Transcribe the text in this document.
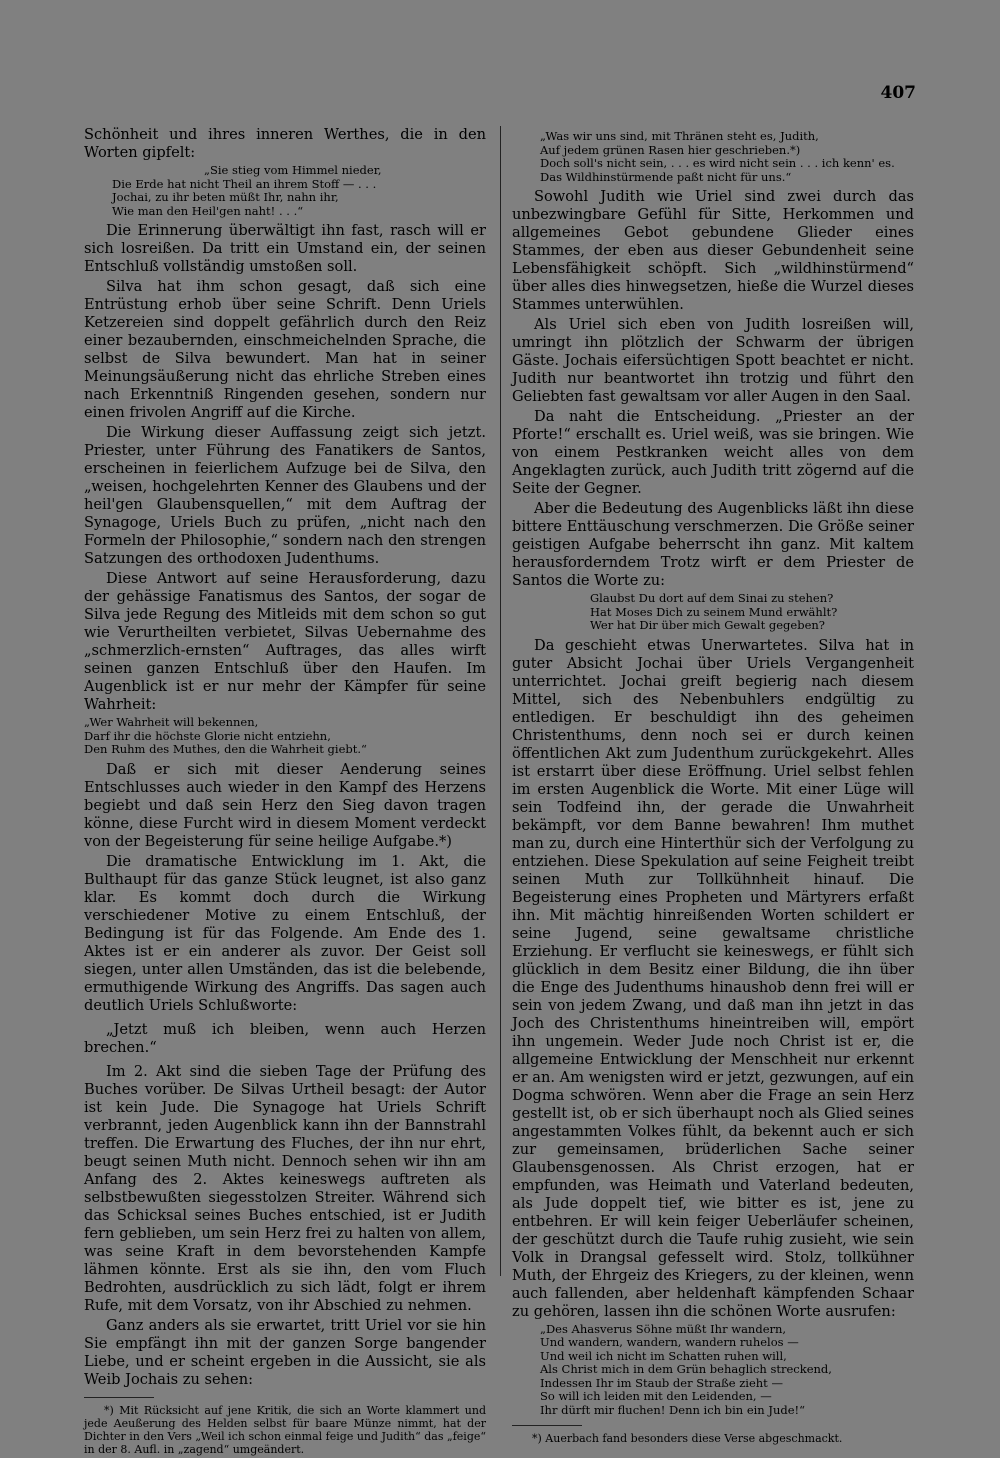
407

Schönheit und ihres inneren Werthes, die in den Worten gipfelt:

„Sie stieg vom Himmel nieder,
Die Erde hat nicht Theil an ihrem Stoff — . . .
Jochai, zu ihr beten müßt Ihr, nahn ihr,
Wie man den Heil'gen naht! . . .“

Die Erinnerung überwältigt ihn fast, rasch will er sich losreißen. Da tritt ein Umstand ein, der seinen Entschluß vollständig umstoßen soll.

Silva hat ihm schon gesagt, daß sich eine Entrüstung erhob über seine Schrift. Denn Uriels Ketzereien sind doppelt gefährlich durch den Reiz einer bezaubernden, einschmeichelnden Sprache, die selbst de Silva bewundert. Man hat in seiner Meinungsäußerung nicht das ehrliche Streben eines nach Erkenntniß Ringenden gesehen, sondern nur einen frivolen Angriff auf die Kirche.

Die Wirkung dieser Auffassung zeigt sich jetzt. Priester, unter Führung des Fanatikers de Santos, erscheinen in feierlichem Aufzuge bei de Silva, den „weisen, hochgelehrten Kenner des Glaubens und der heil'gen Glaubensquellen,“ mit dem Auftrag der Synagoge, Uriels Buch zu prüfen, „nicht nach den Formeln der Philosophie,“ sondern nach den strengen Satzungen des orthodoxen Judenthums.

Diese Antwort auf seine Herausforderung, dazu der gehässige Fanatismus des Santos, der sogar de Silva jede Regung des Mitleids mit dem schon so gut wie Verurtheilten verbietet, Silvas Uebernahme des „schmerzlich-ernsten“ Auftrages, das alles wirft seinen ganzen Entschluß über den Haufen. Im Augenblick ist er nur mehr der Kämpfer für seine Wahrheit:

„Wer Wahrheit will bekennen,
Darf ihr die höchste Glorie nicht entziehn,
Den Ruhm des Muthes, den die Wahrheit giebt.“

Daß er sich mit dieser Aenderung seines Entschlusses auch wieder in den Kampf des Herzens begiebt und daß sein Herz den Sieg davon tragen könne, diese Furcht wird in diesem Moment verdeckt von der Begeisterung für seine heilige Aufgabe.*)

Die dramatische Entwicklung im 1. Akt, die Bulthaupt für das ganze Stück leugnet, ist also ganz klar. Es kommt doch durch die Wirkung verschiedener Motive zu einem Entschluß, der Bedingung ist für das Folgende. Am Ende des 1. Aktes ist er ein anderer als zuvor. Der Geist soll siegen, unter allen Umständen, das ist die belebende, ermuthigende Wirkung des Angriffs. Das sagen auch deutlich Uriels Schlußworte:

„Jetzt muß ich bleiben, wenn auch Herzen brechen.“

Im 2. Akt sind die sieben Tage der Prüfung des Buches vorüber. De Silvas Urtheil besagt: der Autor ist kein Jude. Die Synagoge hat Uriels Schrift verbrannt, jeden Augenblick kann ihn der Bannstrahl treffen. Die Erwartung des Fluches, der ihn nur ehrt, beugt seinen Muth nicht. Dennoch sehen wir ihn am Anfang des 2. Aktes keineswegs auftreten als selbstbewußten siegesstolzen Streiter. Während sich das Schicksal seines Buches entschied, ist er Judith fern geblieben, um sein Herz frei zu halten von allem, was seine Kraft in dem bevorstehenden Kampfe lähmen könnte. Erst als sie ihn, den vom Fluch Bedrohten, ausdrücklich zu sich lädt, folgt er ihrem Rufe, mit dem Vorsatz, von ihr Abschied zu nehmen.

Ganz anders als sie erwartet, tritt Uriel vor sie hin Sie empfängt ihn mit der ganzen Sorge bangender Liebe, und er scheint ergeben in die Aussicht, sie als Weib Jochais zu sehen:

*) Mit Rücksicht auf jene Kritik, die sich an Worte klammert und jede Aeußerung des Helden selbst für baare Münze nimmt, hat der Dichter in den Vers „Weil ich schon einmal feige und Judith“ das „feige“ in der 8. Aufl. in „zagend“ umgeändert.

„Was wir uns sind, mit Thränen steht es, Judith,
Auf jedem grünen Rasen hier geschrieben.*)
Doch soll's nicht sein, . . . es wird nicht sein . . . ich kenn' es.
Das Wildhinstürmende paßt nicht für uns.“

Sowohl Judith wie Uriel sind zwei durch das unbezwingbare Gefühl für Sitte, Herkommen und allgemeines Gebot gebundene Glieder eines Stammes, der eben aus dieser Gebundenheit seine Lebensfähigkeit schöpft. Sich „wildhinstürmend“ über alles dies hinwegsetzen, hieße die Wurzel dieses Stammes unterwühlen.

Als Uriel sich eben von Judith losreißen will, umringt ihn plötzlich der Schwarm der übrigen Gäste. Jochais eifersüchtigen Spott beachtet er nicht. Judith nur beantwortet ihn trotzig und führt den Geliebten fast gewaltsam vor aller Augen in den Saal.

Da naht die Entscheidung. „Priester an der Pforte!“ erschallt es. Uriel weiß, was sie bringen. Wie von einem Pestkranken weicht alles von dem Angeklagten zurück, auch Judith tritt zögernd auf die Seite der Gegner.

Aber die Bedeutung des Augenblicks läßt ihn diese bittere Enttäuschung verschmerzen. Die Größe seiner geistigen Aufgabe beherrscht ihn ganz. Mit kaltem herausforderndem Trotz wirft er dem Priester de Santos die Worte zu:

Glaubst Du dort auf dem Sinai zu stehen?
Hat Moses Dich zu seinem Mund erwählt?
Wer hat Dir über mich Gewalt gegeben?

Da geschieht etwas Unerwartetes. Silva hat in guter Absicht Jochai über Uriels Vergangenheit unterrichtet. Jochai greift begierig nach diesem Mittel, sich des Nebenbuhlers endgültig zu entledigen. Er beschuldigt ihn des geheimen Christenthums, denn noch sei er durch keinen öffentlichen Akt zum Judenthum zurückgekehrt. Alles ist erstarrt über diese Eröffnung. Uriel selbst fehlen im ersten Augenblick die Worte. Mit einer Lüge will sein Todfeind ihn, der gerade die Unwahrheit bekämpft, vor dem Banne bewahren! Ihm muthet man zu, durch eine Hinterthür sich der Verfolgung zu entziehen. Diese Spekulation auf seine Feigheit treibt seinen Muth zur Tollkühnheit hinauf. Die Begeisterung eines Propheten und Märtyrers erfaßt ihn. Mit mächtig hinreißenden Worten schildert er seine Jugend, seine gewaltsame christliche Erziehung. Er verflucht sie keineswegs, er fühlt sich glücklich in dem Besitz einer Bildung, die ihn über die Enge des Judenthums hinaushob denn frei will er sein von jedem Zwang, und daß man ihn jetzt in das Joch des Christenthums hineintreiben will, empört ihn ungemein. Weder Jude noch Christ ist er, die allgemeine Entwicklung der Menschheit nur erkennt er an. Am wenigsten wird er jetzt, gezwungen, auf ein Dogma schwören. Wenn aber die Frage an sein Herz gestellt ist, ob er sich überhaupt noch als Glied seines angestammten Volkes fühlt, da bekennt auch er sich zur gemeinsamen, brüderlichen Sache seiner Glaubensgenossen. Als Christ erzogen, hat er empfunden, was Heimath und Vaterland bedeuten, als Jude doppelt tief, wie bitter es ist, jene zu entbehren. Er will kein feiger Ueberläufer scheinen, der geschützt durch die Taufe ruhig zusieht, wie sein Volk in Drangsal gefesselt wird. Stolz, tollkühner Muth, der Ehrgeiz des Kriegers, zu der kleinen, wenn auch fallenden, aber heldenhaft kämpfenden Schaar zu gehören, lassen ihn die schönen Worte ausrufen:

„Des Ahasverus Söhne müßt Ihr wandern,
Und wandern, wandern, wandern ruhelos —
Und weil ich nicht im Schatten ruhen will,
Als Christ mich in dem Grün behaglich streckend,
Indessen Ihr im Staub der Straße zieht —
So will ich leiden mit den Leidenden, —
Ihr dürft mir fluchen! Denn ich bin ein Jude!“

*) Auerbach fand besonders diese Verse abgeschmackt.
